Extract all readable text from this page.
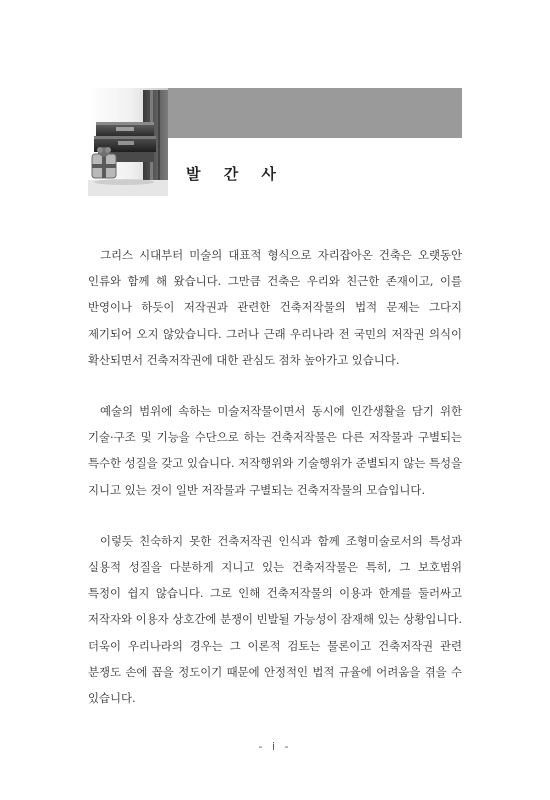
발 간 사

그리스 시대부터 미술의 대표적 형식으로 자리잡아온 건축은 오랫동안 인류와 함께 해 왔습니다. 그만큼 건축은 우리와 친근한 존재이고, 이를 반영이나 하듯이 저작권과 관련한 건축저작물의 법적 문제는 그다지 제기되어 오지 않았습니다. 그러나 근래 우리나라 전 국민의 저작권 의식이 확산되면서 건축저작권에 대한 관심도 점차 높아가고 있습니다.

예술의 범위에 속하는 미술저작물이면서 동시에 인간생활을 담기 위한 기술·구조 및 기능을 수단으로 하는 건축저작물은 다른 저작물과 구별되는 특수한 성질을 갖고 있습니다. 저작행위와 기술행위가 준별되지 않는 특성을 지니고 있는 것이 일반 저작물과 구별되는 건축저작물의 모습입니다.

이렇듯 친숙하지 못한 건축저작권 인식과 함께 조형미술로서의 특성과 실용적 성질을 다분하게 지니고 있는 건축저작물은 특히, 그 보호범위 특정이 쉽지 않습니다. 그로 인해 건축저작물의 이용과 한계를 둘러싸고 저작자와 이용자 상호간에 분쟁이 빈발될 가능성이 잠재해 있는 상황입니다. 더욱이 우리나라의 경우는 그 이론적 검토는 물론이고 건축저작권 관련 분쟁도 손에 꼽을 정도이기 때문에 안정적인 법적 규율에 어려움을 겪을 수 있습니다.

- i -
